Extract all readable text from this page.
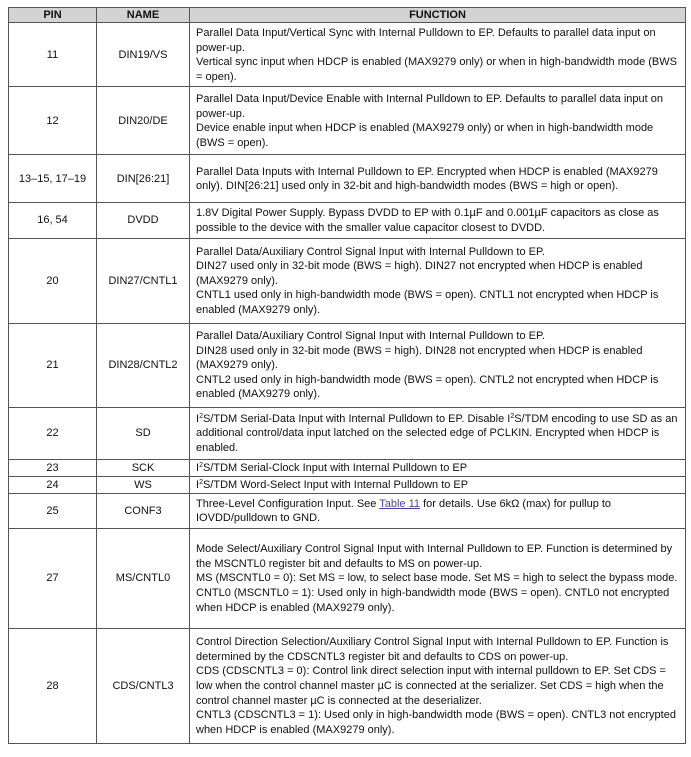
PIN	NAME	FUNCTION
11	DIN19/VS	Parallel Data Input/Vertical Sync with Internal Pulldown to EP. Defaults to parallel data input on power-up.
Vertical sync input when HDCP is enabled (MAX9279 only) or when in high-bandwidth mode (BWS = open).

12	DIN20/DE	Parallel Data Input/Device Enable with Internal Pulldown to EP. Defaults to parallel data input on power-up.
Device enable input when HDCP is enabled (MAX9279 only) or when in high-bandwidth mode (BWS = open).

13–15, 17–19	DIN[26:21]	Parallel Data Inputs with Internal Pulldown to EP. Encrypted when HDCP is enabled (MAX9279 only). DIN[26:21] used only in 32-bit and high-bandwidth modes (BWS = high or open).

16, 54	DVDD	1.8V Digital Power Supply. Bypass DVDD to EP with 0.1µF and 0.001µF capacitors as close as possible to the device with the smaller value capacitor closest to DVDD.

20	DIN27/CNTL1	Parallel Data/Auxiliary Control Signal Input with Internal Pulldown to EP.
DIN27 used only in 32-bit mode (BWS = high). DIN27 not encrypted when HDCP is enabled (MAX9279 only).
CNTL1 used only in high-bandwidth mode (BWS = open). CNTL1 not encrypted when HDCP is enabled (MAX9279 only).

21	DIN28/CNTL2	Parallel Data/Auxiliary Control Signal Input with Internal Pulldown to EP.
DIN28 used only in 32-bit mode (BWS = high). DIN28 not encrypted when HDCP is enabled (MAX9279 only).
CNTL2 used only in high-bandwidth mode (BWS = open). CNTL2 not encrypted when HDCP is enabled (MAX9279 only).

22	SD	$I^2S$/TDM Serial-Data Input with Internal Pulldown to EP. Disable $I^2S$/TDM encoding to use SD as an additional control/data input latched on the selected edge of PCLKIN. Encrypted when HDCP is enabled.
23	SCK	$I^2S$/TDM Serial-Clock Input with Internal Pulldown to EP
24	WS	$I^2S$/TDM Word-Select Input with Internal Pulldown to EP
25	CONF3	Three-Level Configuration Input. See Table 11 for details. Use 6kΩ (max) for pullup to IOVDD/pulldown to GND.
27	MS/CNTL0	Mode Select/Auxiliary Control Signal Input with Internal Pulldown to EP. Function is determined by the MSCNTL0 register bit and defaults to MS on power-up.
MS (MSCNTL0 = 0): Set MS = low, to select base mode. Set MS = high to select the bypass mode.
CNTL0 (MSCNTL0 = 1): Used only in high-bandwidth mode (BWS = open). CNTL0 not encrypted when HDCP is enabled (MAX9279 only).

28	CDS/CNTL3	Control Direction Selection/Auxiliary Control Signal Input with Internal Pulldown to EP. Function is determined by the CDSCNTL3 register bit and defaults to CDS on power-up.
CDS (CDSCNTL3 = 0): Control link direct selection input with internal pulldown to EP. Set CDS = low when the control channel master µC is connected at the serializer. Set CDS = high when the control channel master µC is connected at the deserializer.
CNTL3 (CDSCNTL3 = 1): Used only in high-bandwidth mode (BWS = open). CNTL3 not encrypted when HDCP is enabled (MAX9279 only).
